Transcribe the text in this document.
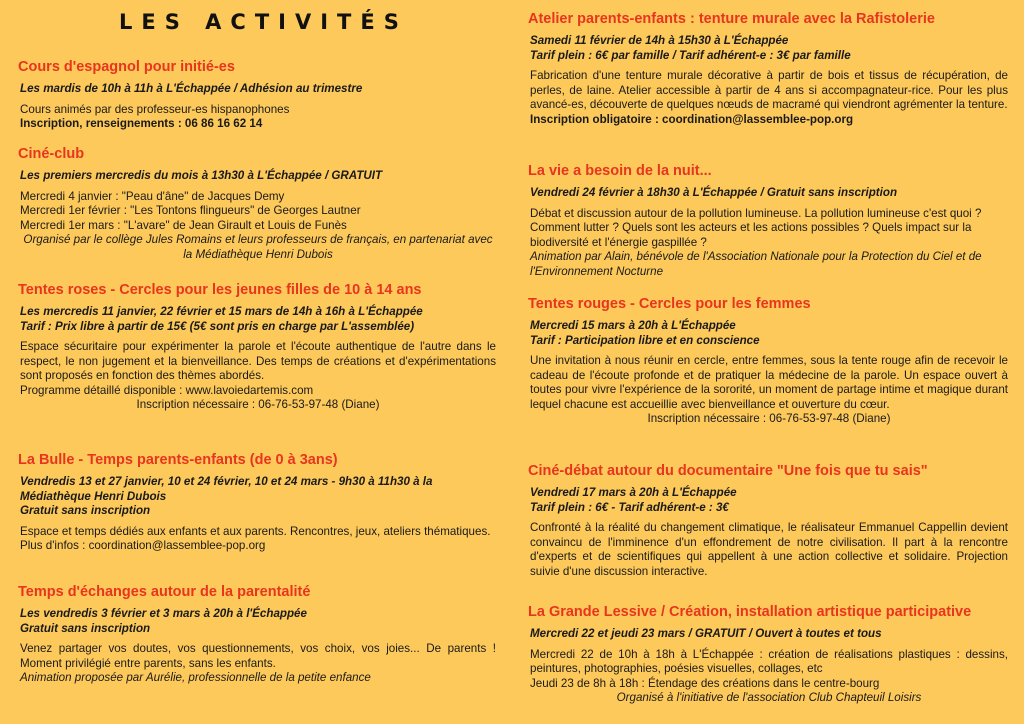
LES ACTIVITÉS
Cours d'espagnol pour initié-es
Les mardis de 10h à 11h à L'Échappée / Adhésion au trimestre
Cours animés par des professeur-es hispanophones
Inscription, renseignements : 06 86 16 62 14
Ciné-club
Les premiers mercredis du mois à 13h30 à L'Échappée / GRATUIT
Mercredi 4 janvier : "Peau d'âne" de Jacques Demy
Mercredi 1er février : "Les Tontons flingueurs" de Georges Lautner
Mercredi 1er mars : "L'avare" de Jean Girault et Louis de Funès
Organisé par le collège Jules Romains et leurs professeurs de français, en partenariat avec la Médiathèque Henri Dubois
Tentes roses - Cercles pour les jeunes filles de 10 à 14 ans
Les mercredis 11 janvier, 22 février et 15 mars de 14h à 16h à L'Échappée
Tarif : Prix libre à partir de 15€ (5€ sont pris en charge par L'assemblée)
Espace sécuritaire pour expérimenter la parole et l'écoute authentique de l'autre dans le respect, le non jugement et la bienveillance. Des temps de créations et d'expérimentations sont proposés en fonction des thèmes abordés.
Programme détaillé disponible : www.lavoiedartemis.com
Inscription nécessaire : 06-76-53-97-48 (Diane)
La Bulle - Temps parents-enfants (de 0 à 3ans)
Vendredis 13 et 27 janvier, 10 et 24 février, 10 et 24 mars - 9h30 à 11h30 à la Médiathèque Henri Dubois
Gratuit sans inscription
Espace et temps dédiés aux enfants et aux parents. Rencontres, jeux, ateliers thématiques.
Plus d'infos : coordination@lassemblee-pop.org
Temps d'échanges autour de la parentalité
Les vendredis 3 février et 3 mars à 20h à l'Échappée
Gratuit sans inscription
Venez partager vos doutes, vos questionnements, vos choix, vos joies... De parents ! Moment privilégié entre parents, sans les enfants.
Animation proposée par Aurélie, professionnelle de la petite enfance
Atelier parents-enfants : tenture murale avec la Rafistolerie
Samedi 11 février de 14h à 15h30 à L'Échappée
Tarif plein : 6€ par famille / Tarif adhérent-e : 3€ par famille
Fabrication d'une tenture murale décorative à partir de bois et tissus de récupération, de perles, de laine. Atelier accessible à partir de 4 ans si accompagnateur-rice. Pour les plus avancé-es, découverte de quelques nœuds de macramé qui viendront agrémenter la tenture.
Inscription obligatoire : coordination@lassemblee-pop.org
La vie a besoin de la nuit...
Vendredi 24 février à 18h30 à L'Échappée / Gratuit sans inscription
Débat et discussion autour de la pollution lumineuse. La pollution lumineuse c'est quoi ? Comment lutter ? Quels sont les acteurs et les actions possibles ? Quels impact sur la biodiversité et l'énergie gaspillée ?
Animation par Alain, bénévole de l'Association Nationale pour la Protection du Ciel et de l'Environnement Nocturne
Tentes rouges - Cercles pour les femmes
Mercredi 15 mars à 20h à L'Échappée
Tarif : Participation libre et en conscience
Une invitation à nous réunir en cercle, entre femmes, sous la tente rouge afin de recevoir le cadeau de l'écoute profonde et de pratiquer la médecine de la parole. Un espace ouvert à toutes pour vivre l'expérience de la sororité, un moment de partage intime et magique durant lequel chacune est accueillie avec bienveillance et ouverture du cœur.
Inscription nécessaire : 06-76-53-97-48 (Diane)
Ciné-débat autour du documentaire "Une fois que tu sais"
Vendredi 17 mars à 20h à L'Échappée
Tarif plein : 6€ - Tarif adhérent-e : 3€
Confronté à la réalité du changement climatique, le réalisateur Emmanuel Cappellin devient convaincu de l'imminence d'un effondrement de notre civilisation. Il part à la rencontre d'experts et de scientifiques qui appellent à une action collective et solidaire. Projection suivie d'une discussion interactive.
La Grande Lessive / Création, installation artistique participative
Mercredi 22 et jeudi 23 mars / GRATUIT / Ouvert à toutes et tous
Mercredi 22 de 10h à 18h à L'Échappée : création de réalisations plastiques : dessins, peintures, photographies, poésies visuelles, collages, etc
Jeudi 23 de 8h à 18h : Étendage des créations dans le centre-bourg
Organisé à l'initiative de l'association Club Chapteuil Loisirs
